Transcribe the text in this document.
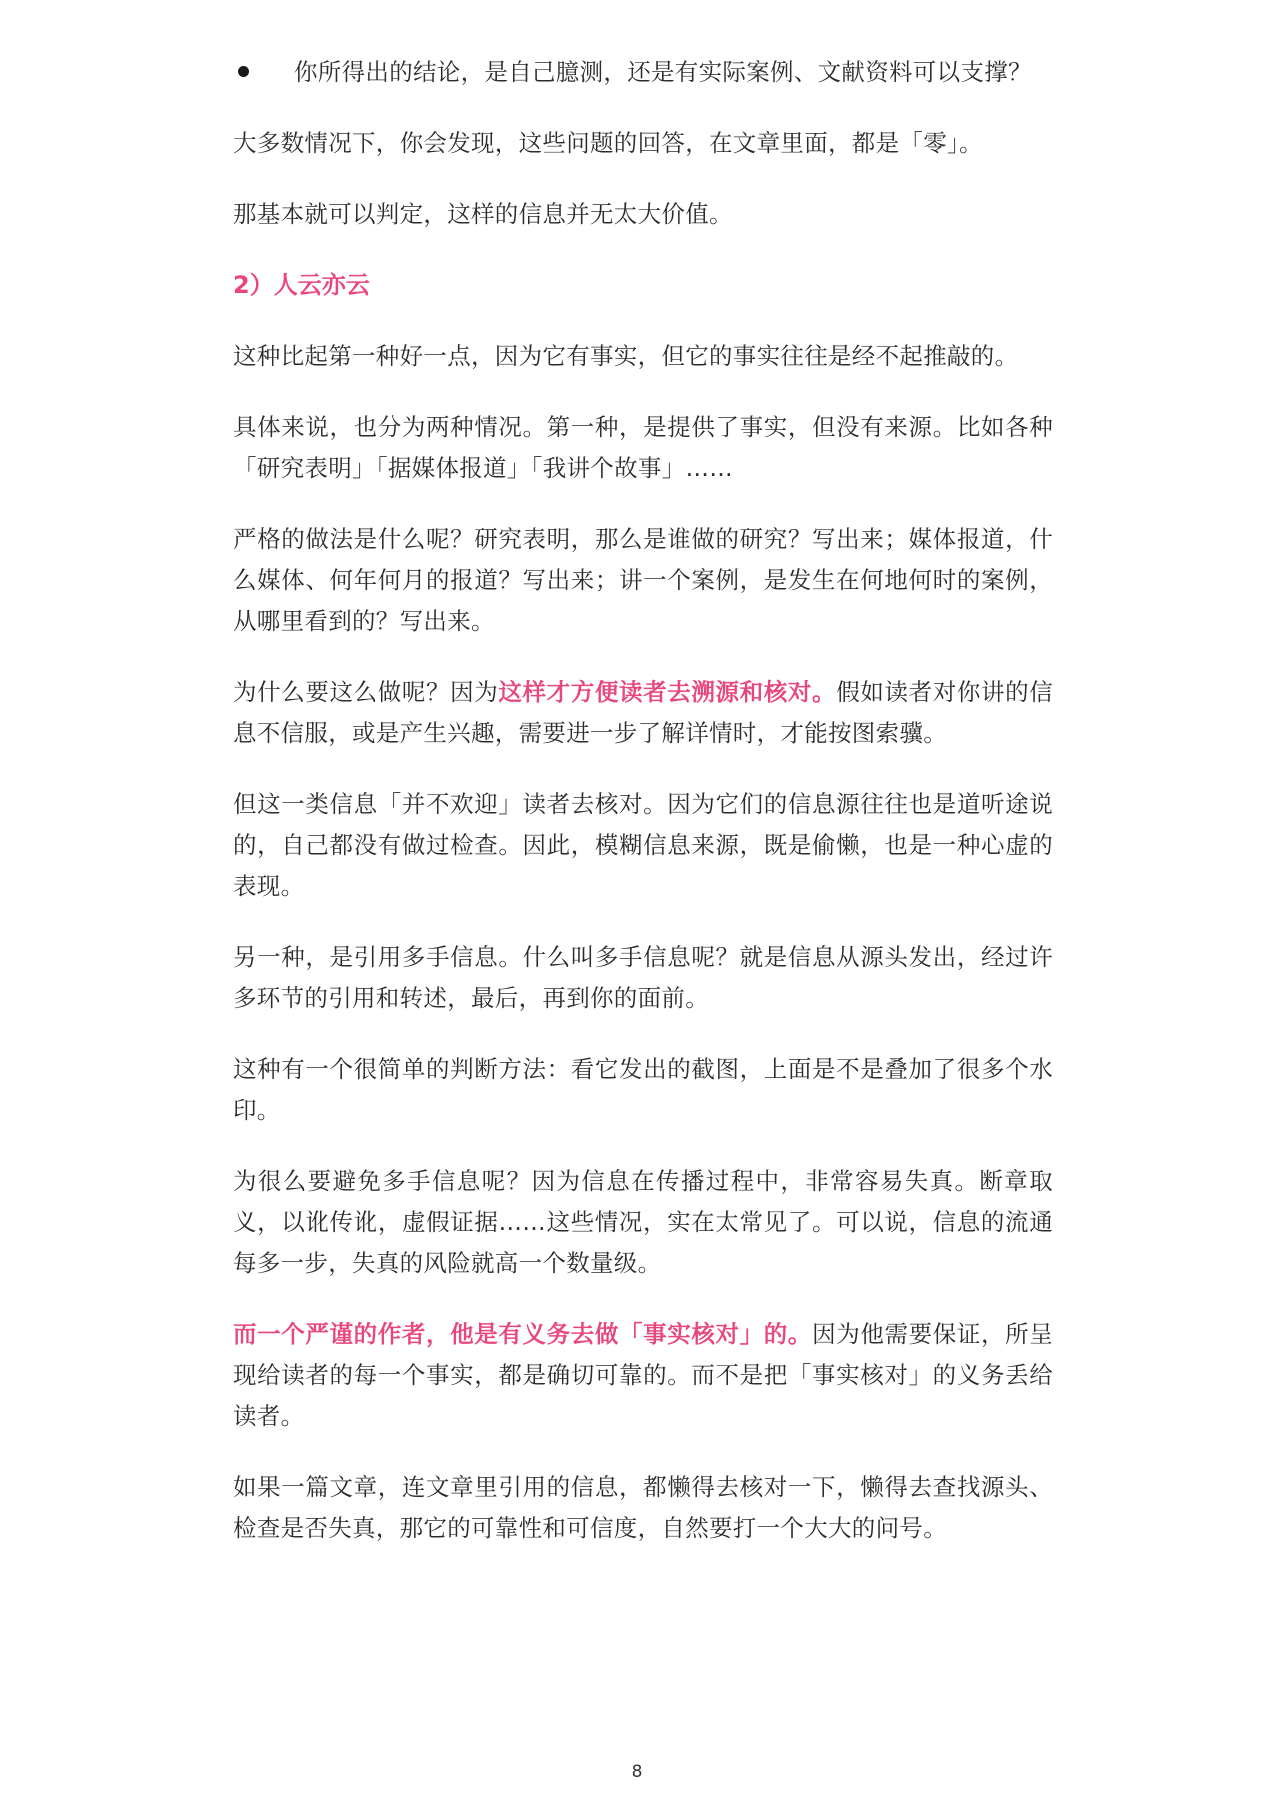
你所得出的结论，是自己臆测，还是有实际案例、文献资料可以支撑？

大多数情况下，你会发现，这些问题的回答，在文章里面，都是「零」。

那基本就可以判定，这样的信息并无太大价值。

2）人云亦云

这种比起第一种好一点，因为它有事实，但它的事实往往是经不起推敲的。

具体来说，也分为两种情况。第一种，是提供了事实，但没有来源。比如各种「研究表明」「据媒体报道」「我讲个故事」……

严格的做法是什么呢？研究表明，那么是谁做的研究？写出来；媒体报道，什么媒体、何年何月的报道？写出来；讲一个案例，是发生在何地何时的案例，从哪里看到的？写出来。

为什么要这么做呢？因为这样才方便读者去溯源和核对。假如读者对你讲的信息不信服，或是产生兴趣，需要进一步了解详情时，才能按图索骥。

但这一类信息「并不欢迎」读者去核对。因为它们的信息源往往也是道听途说的，自己都没有做过检查。因此，模糊信息来源，既是偷懒，也是一种心虚的表现。

另一种，是引用多手信息。什么叫多手信息呢？就是信息从源头发出，经过许多环节的引用和转述，最后，再到你的面前。

这种有一个很简单的判断方法：看它发出的截图，上面是不是叠加了很多个水印。

为很么要避免多手信息呢？因为信息在传播过程中，非常容易失真。断章取义，以讹传讹，虚假证据……这些情况，实在太常见了。可以说，信息的流通每多一步，失真的风险就高一个数量级。

而一个严谨的作者，他是有义务去做「事实核对」的。因为他需要保证，所呈现给读者的每一个事实，都是确切可靠的。而不是把「事实核对」的义务丢给读者。

如果一篇文章，连文章里引用的信息，都懒得去核对一下，懒得去查找源头、检查是否失真，那它的可靠性和可信度，自然要打一个大大的问号。

8
